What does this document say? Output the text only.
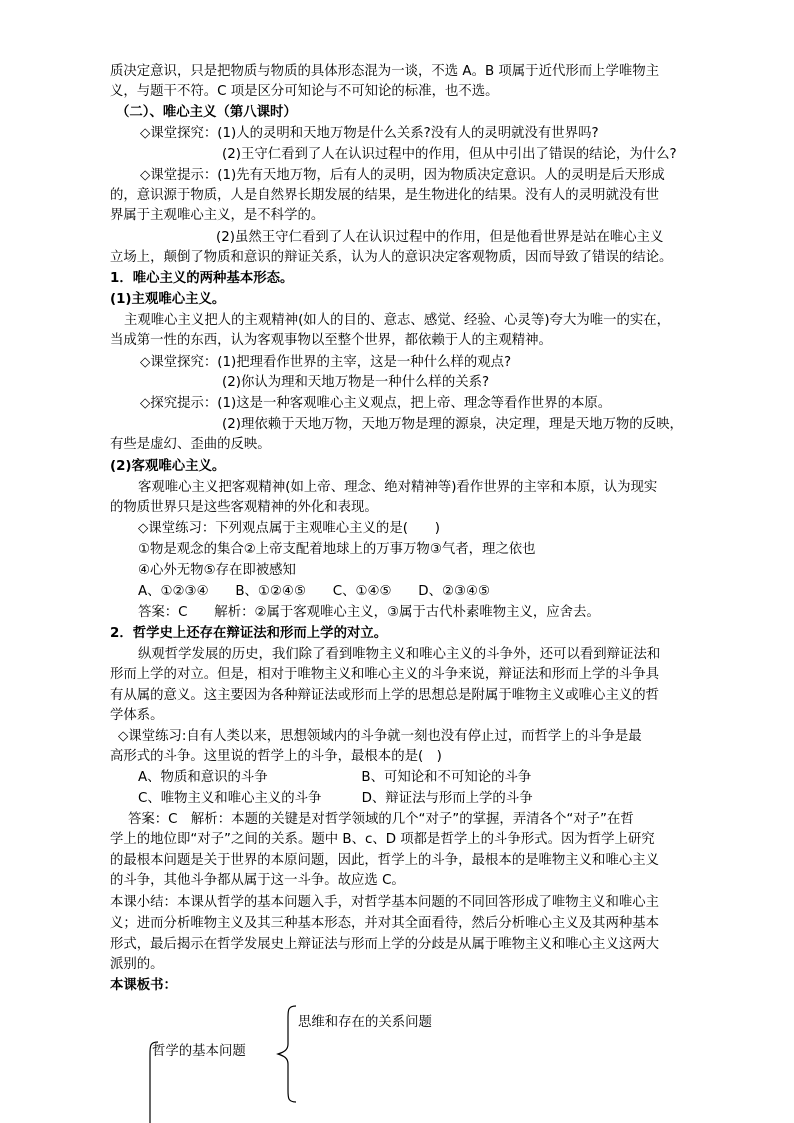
质决定意识，只是把物质与物质的具体形态混为一谈，不选 A。B 项属于近代形而上学唯物主
义，与题干不符。C 项是区分可知论与不可知论的标准，也不选。
（二）、唯心主义（第八课时）
◇课堂探究：(1)人的灵明和天地万物是什么关系?没有人的灵明就没有世界吗?
(2)王守仁看到了人在认识过程中的作用，但从中引出了错误的结论，为什么?
◇课堂提示：(1)先有天地万物，后有人的灵明，因为物质决定意识。人的灵明是后天形成
的，意识源于物质，人是自然界长期发展的结果，是生物进化的结果。没有人的灵明就没有世
界属于主观唯心主义，是不科学的。
(2)虽然王守仁看到了人在认识过程中的作用，但是他看世界是站在唯心主义
立场上，颠倒了物质和意识的辩证关系，认为人的意识决定客观物质，因而导致了错误的结论。
1．唯心主义的两种基本形态。
(1)主观唯心主义。
主观唯心主义把人的主观精神(如人的目的、意志、感觉、经验、心灵等)夸大为唯一的实在，
当成第一性的东西，认为客观事物以至整个世界，都依赖于人的主观精神。
◇课堂探究：(1)把理看作世界的主宰，这是一种什么样的观点?
(2)你认为理和天地万物是一种什么样的关系?
◇探究提示：(1)这是一种客观唯心主义观点，把上帝、理念等看作世界的本原。
(2)理依赖于天地万物，天地万物是理的源泉，决定理，理是天地万物的反映，
有些是虚幻、歪曲的反映。
(2)客观唯心主义。
客观唯心主义把客观精神(如上帝、理念、绝对精神等)看作世界的主宰和本原，认为现实
的物质世界只是这些客观精神的外化和表现。
◇课堂练习：下列观点属于主观唯心主义的是(　　)
①物是观念的集合②上帝支配着地球上的万事万物③气者，理之依也
④心外无物⑤存在即被感知
A、①②③④　　B、①②④⑤　　C、①④⑤　　D、②③④⑤
答案：C　　解析：②属于客观唯心主义，③属于古代朴素唯物主义，应舍去。
2．哲学史上还存在辩证法和形而上学的对立。
纵观哲学发展的历史，我们除了看到唯物主义和唯心主义的斗争外，还可以看到辩证法和
形而上学的对立。但是，相对于唯物主义和唯心主义的斗争来说，辩证法和形而上学的斗争具
有从属的意义。这主要因为各种辩证法或形而上学的思想总是附属于唯物主义或唯心主义的哲
学体系。
◇课堂练习:自有人类以来，思想领域内的斗争就一刻也没有停止过，而哲学上的斗争是最
高形式的斗争。这里说的哲学上的斗争，最根本的是(　)
A、物质和意识的斗争　　　　　　　B、可知论和不可知论的斗争
C、唯物主义和唯心主义的斗争　　　D、辩证法与形而上学的斗争
答案：C　解析：本题的关键是对哲学领域的几个“对子”的掌握，弄清各个“对子”在哲
学上的地位即“对子”之间的关系。题中 B、c、D 项都是哲学上的斗争形式。因为哲学上研究
的最根本问题是关于世界的本原问题，因此，哲学上的斗争，最根本的是唯物主义和唯心主义
的斗争，其他斗争都从属于这一斗争。故应选 C。
本课小结：本课从哲学的基本问题入手，对哲学基本问题的不同回答形成了唯物主义和唯心主
义；进而分析唯物主义及其三种基本形态，并对其全面看待，然后分析唯心主义及其两种基本
形式，最后揭示在哲学发展史上辩证法与形而上学的分歧是从属于唯物主义和唯心主义这两大
派别的。
本课板书：
哲学的基本问题
思维和存在的关系问题
